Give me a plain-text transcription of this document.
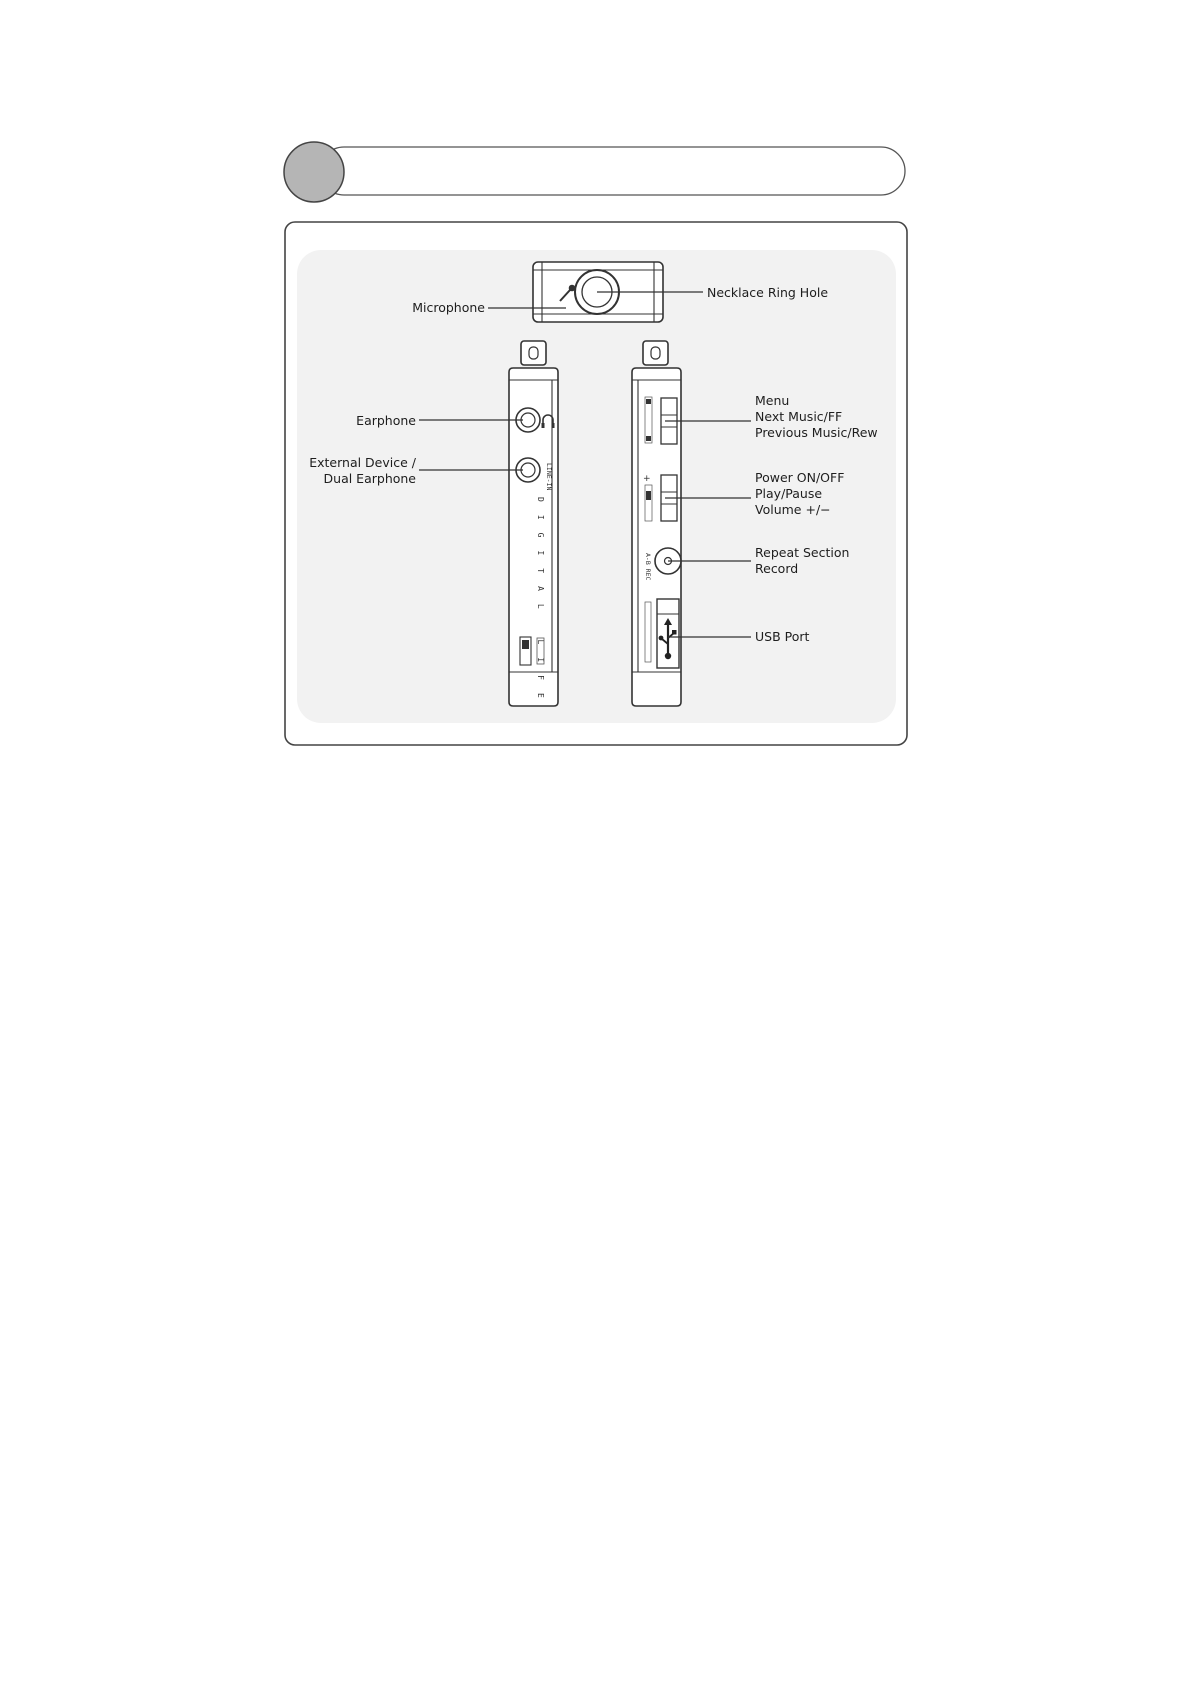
LINE-IN
DIGITAL LIFE
+
A-B REC
Microphone
Necklace Ring Hole
Earphone
External Device /
Dual Earphone
Menu
Next Music/FF
Previous Music/Rew
Power ON/OFF
Play/Pause
Volume +/−
Repeat Section
Record
USB Port
